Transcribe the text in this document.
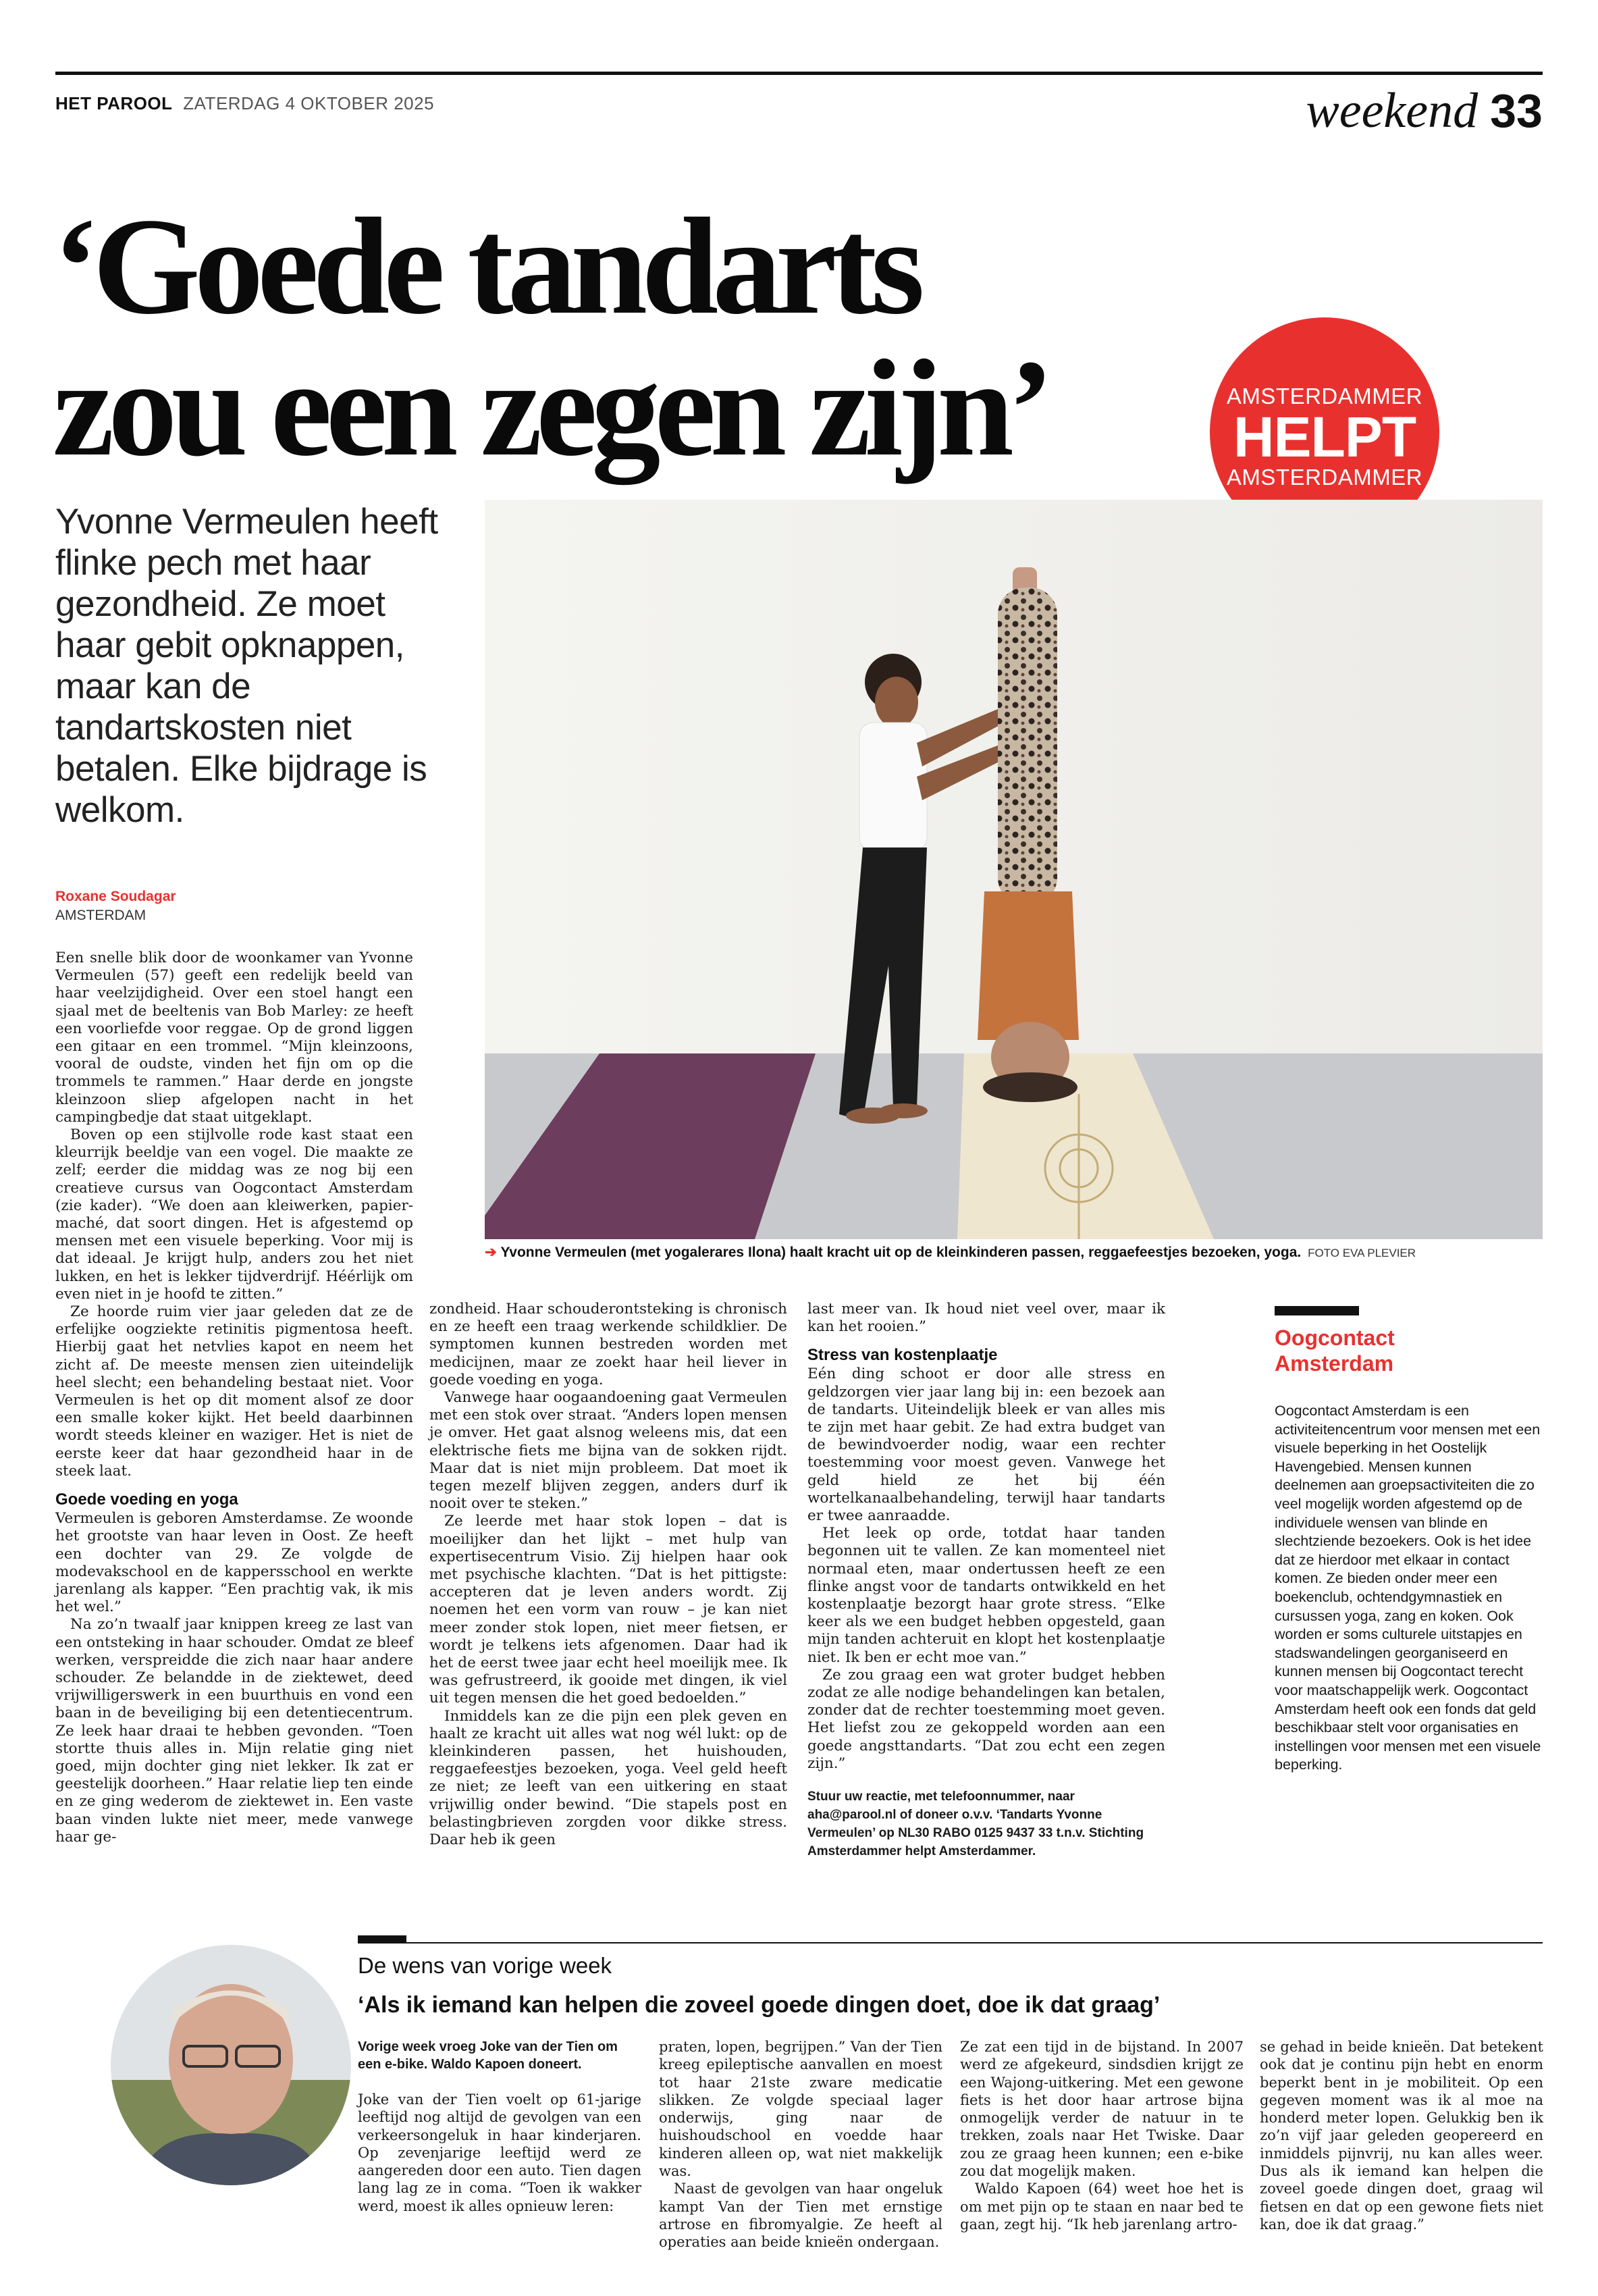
HET PAROOL ZATERDAG 4 OKTOBER 2025	weekend 33
‘Goede tandarts
zou een zegen zijn’	AMSTERDAMMER
HELPT
AMSTERDAMMER
Yvonne Vermeulen heeft flinke pech met haar gezondheid. Ze moet haar gebit opknappen, maar kan de tandartskosten niet betalen. Elke bijdrage is welkom.
Roxane Soudagar
AMSTERDAM
➔ Yvonne Vermeulen (met yogalerares Ilona) haalt kracht uit op de kleinkinderen passen, reggaefeestjes bezoeken, yoga. FOTO EVA PLEVIER

Een snelle blik door de woonkamer van Yvonne Vermeulen (57) geeft een redelijk beeld van haar veelzijdigheid. Over een stoel hangt een sjaal met de beeltenis van Bob Marley: ze heeft een voorliefde voor reggae. Op de grond liggen een gitaar en een trommel. “Mijn kleinzoons, vooral de oudste, vinden het fijn om op die trommels te rammen.” Haar derde en jongste kleinzoon sliep afgelopen nacht in het campingbedje dat staat uitgeklapt.

Boven op een stijlvolle rode kast staat een kleurrijk beeldje van een vogel. Die maakte ze zelf; eerder die middag was ze nog bij een creatieve cursus van Oogcontact Amsterdam (zie kader). “We doen aan kleiwerken, papier-maché, dat soort dingen. Het is afgestemd op mensen met een visuele beperking. Voor mij is dat ideaal. Je krijgt hulp, anders zou het niet lukken, en het is lekker tijdverdrijf. Héérlijk om even niet in je hoofd te zitten.”

Ze hoorde ruim vier jaar geleden dat ze de erfelijke oogziekte retinitis pigmentosa heeft. Hierbij gaat het netvlies kapot en neem het zicht af. De meeste mensen zien uiteindelijk heel slecht; een behandeling bestaat niet. Voor Vermeulen is het op dit moment alsof ze door een smalle koker kijkt. Het beeld daarbinnen wordt steeds kleiner en waziger. Het is niet de eerste keer dat haar gezondheid haar in de steek laat.

Goede voeding en yoga

Vermeulen is geboren Amsterdamse. Ze woonde het grootste van haar leven in Oost. Ze heeft een dochter van 29. Ze volgde de modevakschool en de kappersschool en werkte jarenlang als kapper. “Een prachtig vak, ik mis het wel.”

Na zo’n twaalf jaar knippen kreeg ze last van een ontsteking in haar schouder. Omdat ze bleef werken, verspreidde die zich naar haar andere schouder. Ze belandde in de ziektewet, deed vrijwilligerswerk in een buurthuis en vond een baan in de beveiliging bij een detentiecentrum. Ze leek haar draai te hebben gevonden. “Toen stortte thuis alles in. Mijn relatie ging niet goed, mijn dochter ging niet lekker. Ik zat er geestelijk doorheen.” Haar relatie liep ten einde en ze ging wederom de ziektewet in. Een vaste baan vinden lukte niet meer, mede vanwege haar ge-

zondheid. Haar schouderontsteking is chronisch en ze heeft een traag werkende schildklier. De symptomen kunnen bestreden worden met medicijnen, maar ze zoekt haar heil liever in goede voeding en yoga.

Vanwege haar oogaandoening gaat Vermeulen met een stok over straat. “Anders lopen mensen je omver. Het gaat alsnog weleens mis, dat een elektrische fiets me bijna van de sokken rijdt. Maar dat is niet mijn probleem. Dat moet ik tegen mezelf blijven zeggen, anders durf ik nooit over te steken.”

Ze leerde met haar stok lopen – dat is moeilijker dan het lijkt – met hulp van expertisecentrum Visio. Zij hielpen haar ook met psychische klachten. “Dat is het pittigste: accepteren dat je leven anders wordt. Zij noemen het een vorm van rouw – je kan niet meer zonder stok lopen, niet meer fietsen, er wordt je telkens iets afgenomen. Daar had ik het de eerst twee jaar echt heel moeilijk mee. Ik was gefrustreerd, ik gooide met dingen, ik viel uit tegen mensen die het goed bedoelden.”

Inmiddels kan ze die pijn een plek geven en haalt ze kracht uit alles wat nog wél lukt: op de kleinkinderen passen, het huishouden, reggaefeestjes bezoeken, yoga. Veel geld heeft ze niet; ze leeft van een uitkering en staat vrijwillig onder bewind. “Die stapels post en belastingbrieven zorgden voor dikke stress. Daar heb ik geen

last meer van. Ik houd niet veel over, maar ik kan het rooien.”

Stress van kostenplaatje

Eén ding schoot er door alle stress en geldzorgen vier jaar lang bij in: een bezoek aan de tandarts. Uiteindelijk bleek er van alles mis te zijn met haar gebit. Ze had extra budget van de bewindvoerder nodig, waar een rechter toestemming voor moest geven. Vanwege het geld hield ze het bij één wortelkanaalbehandeling, terwijl haar tandarts er twee aanraadde.

Het leek op orde, totdat haar tanden begonnen uit te vallen. Ze kan momenteel niet normaal eten, maar ondertussen heeft ze een flinke angst voor de tandarts ontwikkeld en het kostenplaatje bezorgt haar grote stress. “Elke keer als we een budget hebben opgesteld, gaan mijn tanden achteruit en klopt het kostenplaatje niet. Ik ben er echt moe van.”

Ze zou graag een wat groter budget hebben zodat ze alle nodige behandelingen kan betalen, zonder dat de rechter toestemming moet geven. Het liefst zou ze gekoppeld worden aan een goede angsttandarts. “Dat zou echt een zegen zijn.”

Stuur uw reactie, met telefoonnummer, naar aha@parool.nl of doneer o.v.v. ‘Tandarts Yvonne Vermeulen’ op NL30 RABO 0125 9437 33 t.n.v. Stichting Amsterdammer helpt Amsterdammer.

Oogcontact Amsterdam
Oogcontact Amsterdam is een activiteitencentrum voor mensen met een visuele beperking in het Oostelijk Havengebied. Mensen kunnen deelnemen aan groepsactiviteiten die zo veel mogelijk worden afgestemd op de individuele wensen van blinde en slechtziende bezoekers. Ook is het idee dat ze hierdoor met elkaar in contact komen. Ze bieden onder meer een boekenclub, ochtendgymnastiek en cursussen yoga, zang en koken. Ook worden er soms culturele uitstapjes en stadswandelingen georganiseerd en kunnen mensen bij Oogcontact terecht voor maatschappelijk werk. Oogcontact Amsterdam heeft ook een fonds dat geld beschikbaar stelt voor organisaties en instellingen voor mensen met een visuele beperking.
De wens van vorige week
‘Als ik iemand kan helpen die zoveel goede dingen doet, doe ik dat graag’

Vorige week vroeg Joke van der Tien om een e-bike. Waldo Kapoen doneert.

Joke van der Tien voelt op 61-jarige leeftijd nog altijd de gevolgen van een verkeersongeluk in haar kinderjaren. Op zevenjarige leeftijd werd ze aangereden door een auto. Tien dagen lang lag ze in coma. “Toen ik wakker werd, moest ik alles opnieuw leren:

praten, lopen, begrijpen.” Van der Tien kreeg epileptische aanvallen en moest tot haar 21ste zware medicatie slikken. Ze volgde speciaal lager onderwijs, ging naar de huishoudschool en voedde haar kinderen alleen op, wat niet makkelijk was.

Naast de gevolgen van haar ongeluk kampt Van der Tien met ernstige artrose en fibromyalgie. Ze heeft al operaties aan beide knieën ondergaan.

Ze zat een tijd in de bijstand. In 2007 werd ze afgekeurd, sindsdien krijgt ze een Wajong-uitkering. Met een gewone fiets is het door haar artrose bijna onmogelijk verder de natuur in te trekken, zoals naar Het Twiske. Daar zou ze graag heen kunnen; een e-bike zou dat mogelijk maken.

Waldo Kapoen (64) weet hoe het is om met pijn op te staan en naar bed te gaan, zegt hij. “Ik heb jarenlang artro-

se gehad in beide knieën. Dat betekent ook dat je continu pijn hebt en enorm beperkt bent in je mobiliteit. Op een gegeven moment was ik al moe na honderd meter lopen. Gelukkig ben ik zo’n vijf jaar geleden geopereerd en inmiddels pijnvrij, nu kan alles weer. Dus als ik iemand kan helpen die zoveel goede dingen doet, graag wil fietsen en dat op een gewone fiets niet kan, doe ik dat graag.”
